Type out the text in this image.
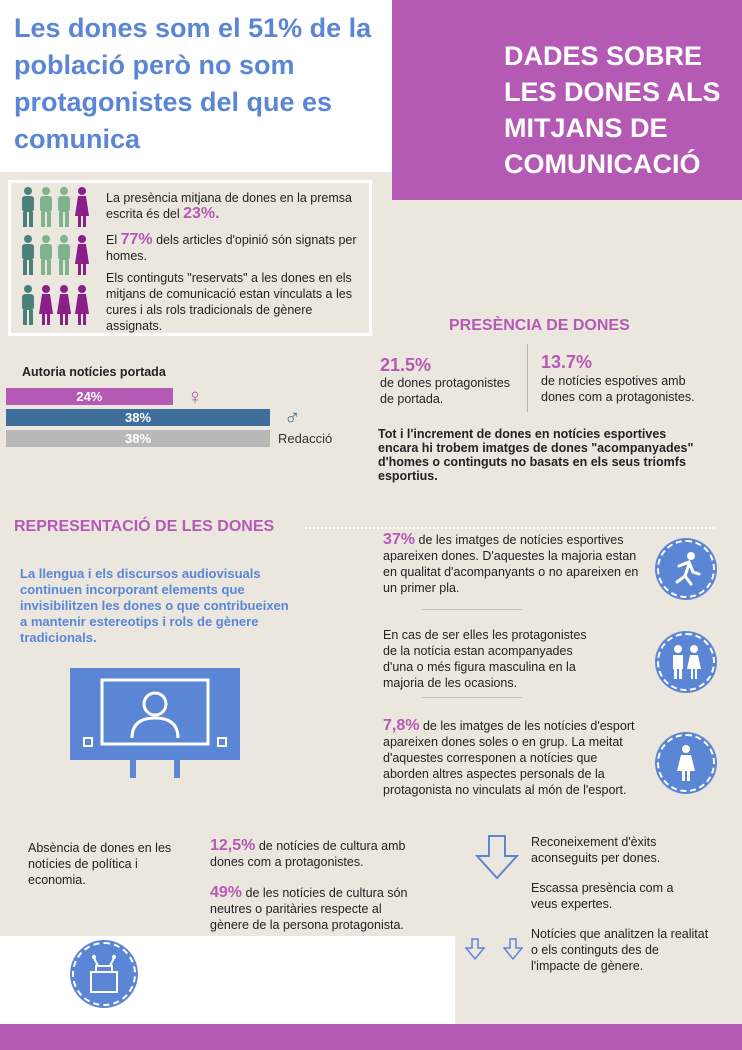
Les dones som el 51% de la població però no som protagonistes del que es comunica
DADES SOBRE LES DONES ALS MITJANS DE COMUNICACIÓ
La presència mitjana de dones en la premsa escrita és del 23%.
El 77% dels articles d'opinió són signats per homes.
Els continguts "reservats" a les dones en els mitjans de comunicació estan vinculats a les cures i als rols tradicionals de gènere assignats.
Autoria notícies portada
24%	♀
38%	♂
38%	Redacció
PRESÈNCIA DE DONES
21.5%
de dones protagonistes de portada.
13.7%
de notícies espotives amb dones com a protagonistes.
Tot i l'increment de dones en notícies esportives encara hi trobem imatges de dones "acompanyades" d'homes o continguts no basats en els seus triomfs esportius.
REPRESENTACIÓ DE LES DONES
La llengua i els discursos audiovisuals continuen incorporant elements que invisibilitzen les dones o que contribueixen a mantenir estereotips i rols de gènere tradicionals.
37% de les imatges de notícies esportives apareixen dones. D'aquestes la majoria estan en qualitat d'acompanyants o no apareixen en un primer pla.
En cas de ser elles les protagonistes de la notícia estan acompanyades d'una o més figura masculina en la majoria de les ocasions.
7,8% de les imatges de les notícies d'esport apareixen dones soles o en grup. La meitat d'aquestes corresponen a notícies que aborden altres aspectes personals de la protagonista no vinculats al món de l'esport.
Absència de dones en les notícies de política i economia.
12,5% de notícies de cultura amb dones com a protagonistes.
49% de les notícies de cultura són neutres o paritàries respecte al gènere de la persona protagonista.
Reconeixement d'èxits aconseguits per dones.
Escassa presència com a veus expertes.
Notícies que analitzen la realitat o els continguts des de l'impacte de gènere.
